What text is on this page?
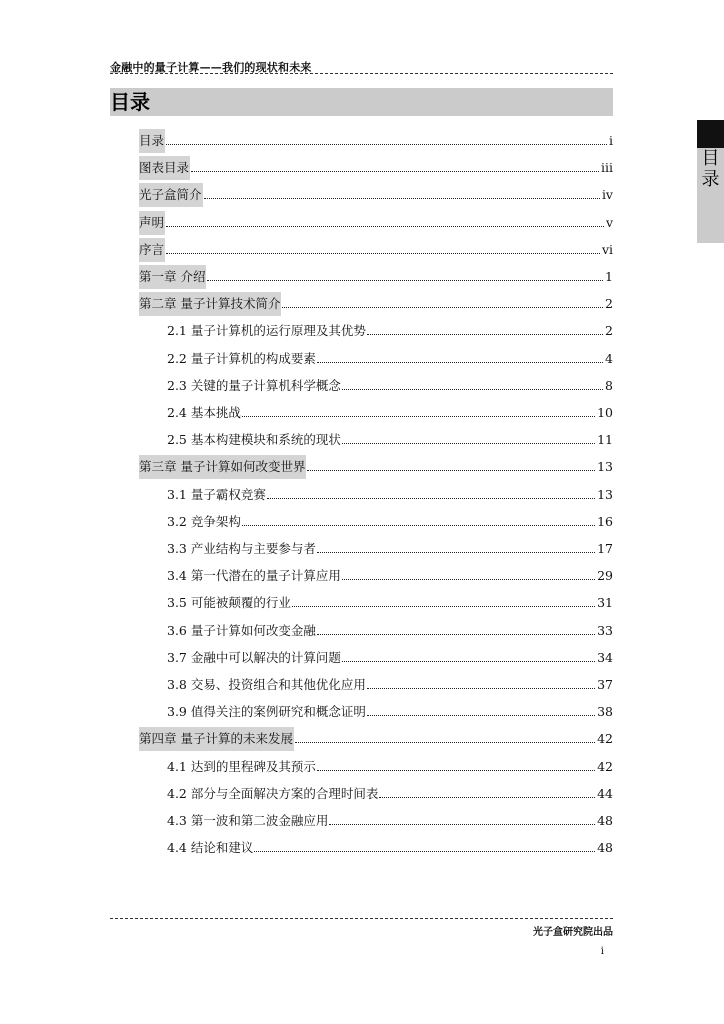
金融中的量子计算——我们的现状和未来
目录
目
录
目录	i
图表目录	iii
光子盒简介	iv
声明	v
序言	vi
第一章 介绍	1
第二章 量子计算技术简介	2
2.1 量子计算机的运行原理及其优势	2
2.2 量子计算机的构成要素	4
2.3 关键的量子计算机科学概念	8
2.4 基本挑战	10
2.5 基本构建模块和系统的现状	11
第三章 量子计算如何改变世界	13
3.1 量子霸权竞赛	13
3.2 竞争架构	16
3.3 产业结构与主要参与者	17
3.4 第一代潜在的量子计算应用	29
3.5 可能被颠覆的行业	31
3.6 量子计算如何改变金融	33
3.7 金融中可以解决的计算问题	34
3.8 交易、投资组合和其他优化应用	37
3.9 值得关注的案例研究和概念证明	38
第四章 量子计算的未来发展	42
4.1 达到的里程碑及其预示	42
4.2 部分与全面解决方案的合理时间表	44
4.3 第一波和第二波金融应用	48
4.4 结论和建议	48
光子盒研究院出品
i
